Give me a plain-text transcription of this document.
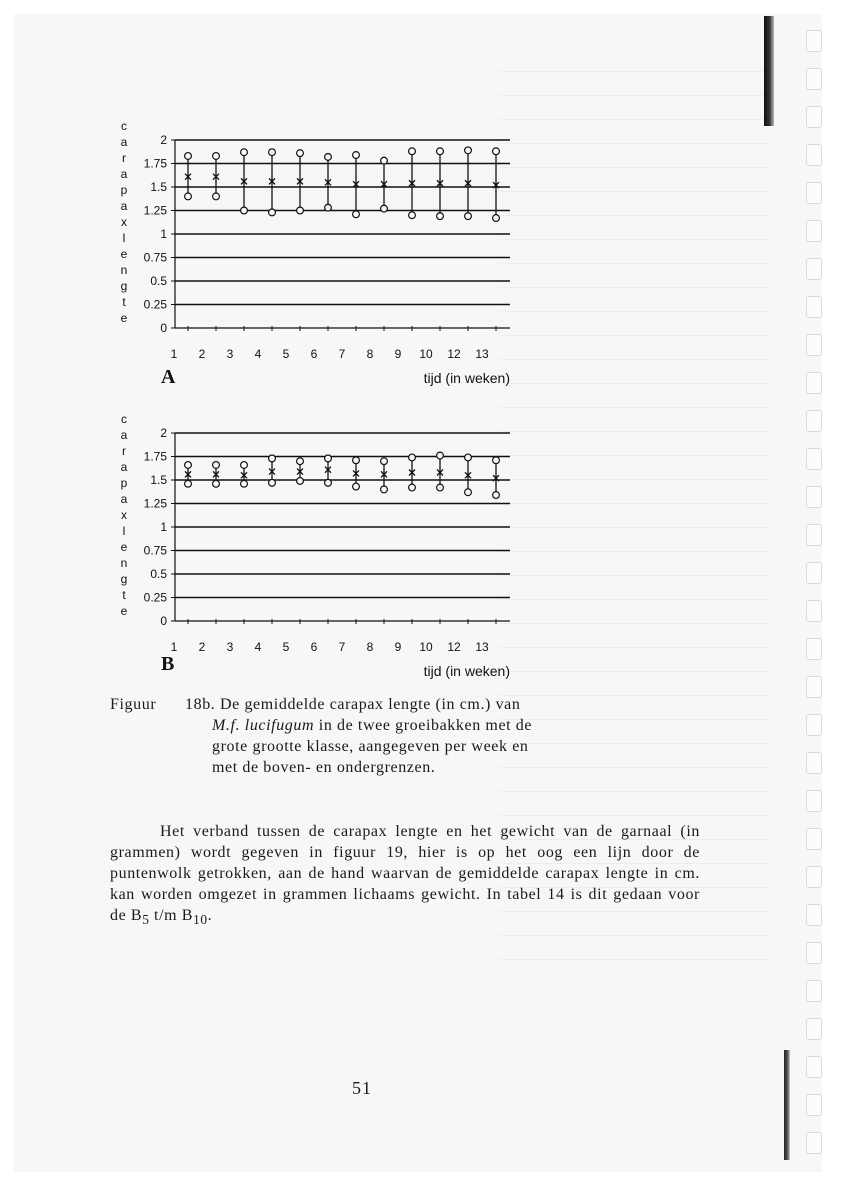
c
a
r
a
p
a
x
l
e
n
g
t
e
0
0.25
0.5
0.75
1
1.25
1.5
1.75
2
1 2 3 4 5 6 7 8 9 10 12 13
tijd (in weken)
A
c
a
r
a
p
a
x
l
e
n
g
t
e
0
0.25
0.5
0.75
1
1.25
1.5
1.75
2
1 2 3 4 5 6 7 8 9 10 12 13
tijd (in weken)
B
Figuur 18b. De gemiddelde carapax lengte (in cm.) van
M.f. lucifugum in de twee groeibakken met de
grote grootte klasse, aangegeven per week en
met de boven- en ondergrenzen.
Het verband tussen de carapax lengte en het gewicht van de garnaal (in grammen) wordt gegeven in figuur 19, hier is op het oog een lijn door de puntenwolk getrokken, aan de hand waarvan de gemiddelde carapax lengte in cm. kan worden omgezet in grammen lichaams gewicht. In tabel 14 is dit gedaan voor de $B_5$ t/m $B_{10}$.
51
